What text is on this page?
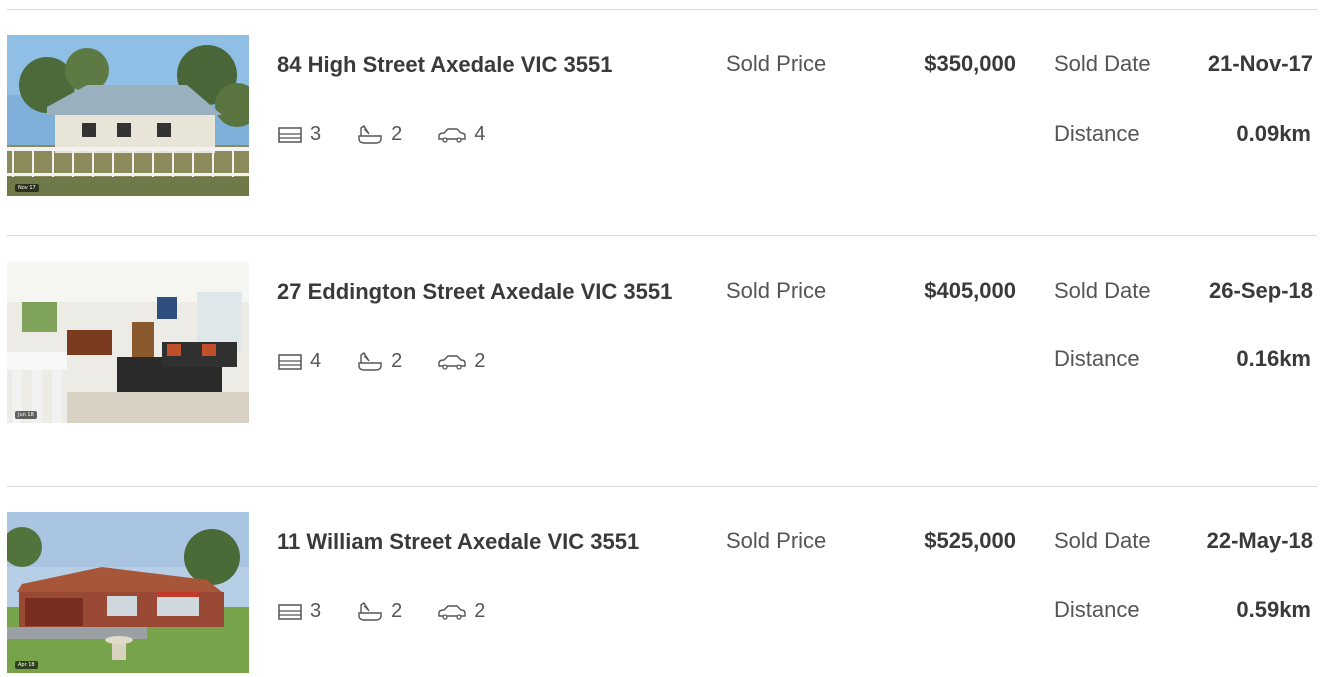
Nov 17
84 High Street Axedale VIC 3551	Sold Price	$350,000 Sold Date	21-Nov-17
Distance	0.09km
3	2	4
Jun 18
27 Eddington Street Axedale VIC 3551	Sold Price	$405,000 Sold Date	26-Sep-18
Distance	0.16km
4	2	2
Apr 18
11 William Street Axedale VIC 3551	Sold Price	$525,000 Sold Date	22-May-18
Distance	0.59km
3	2	2
